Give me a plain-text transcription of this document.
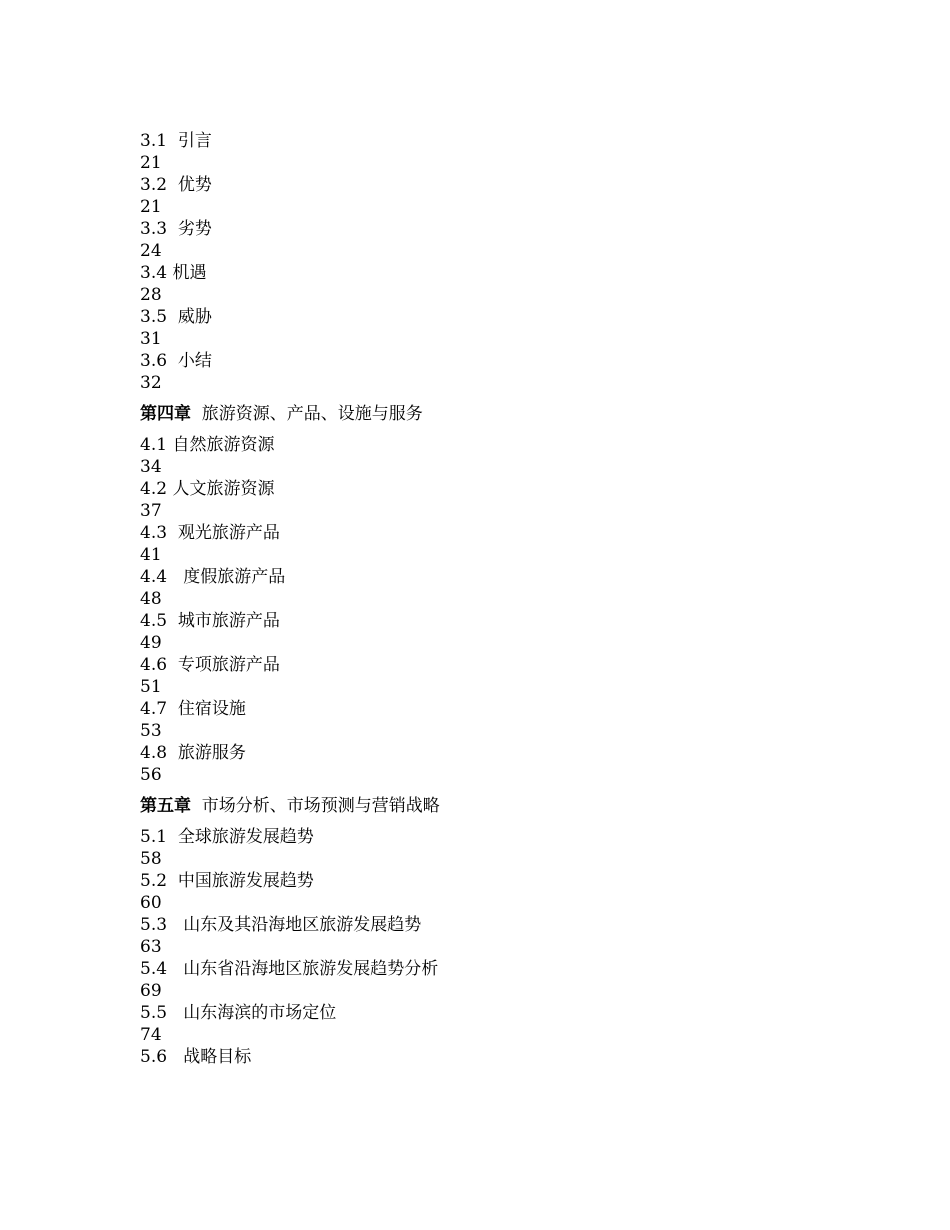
3.1  引言
21
3.2  优势
21
3.3  劣势
24
3.4 机遇
28
3.5  威胁
31
3.6  小结
32
第四章  旅游资源、产品、设施与服务
4.1 自然旅游资源
34
4.2 人文旅游资源
37
4.3  观光旅游产品
41
4.4   度假旅游产品
48
4.5  城市旅游产品
49
4.6  专项旅游产品
51
4.7  住宿设施
53
4.8  旅游服务
56
第五章  市场分析、市场预测与营销战略
5.1  全球旅游发展趋势
58
5.2  中国旅游发展趋势
60
5.3   山东及其沿海地区旅游发展趋势
63
5.4   山东省沿海地区旅游发展趋势分析
69
5.5   山东海滨的市场定位
74
5.6   战略目标
